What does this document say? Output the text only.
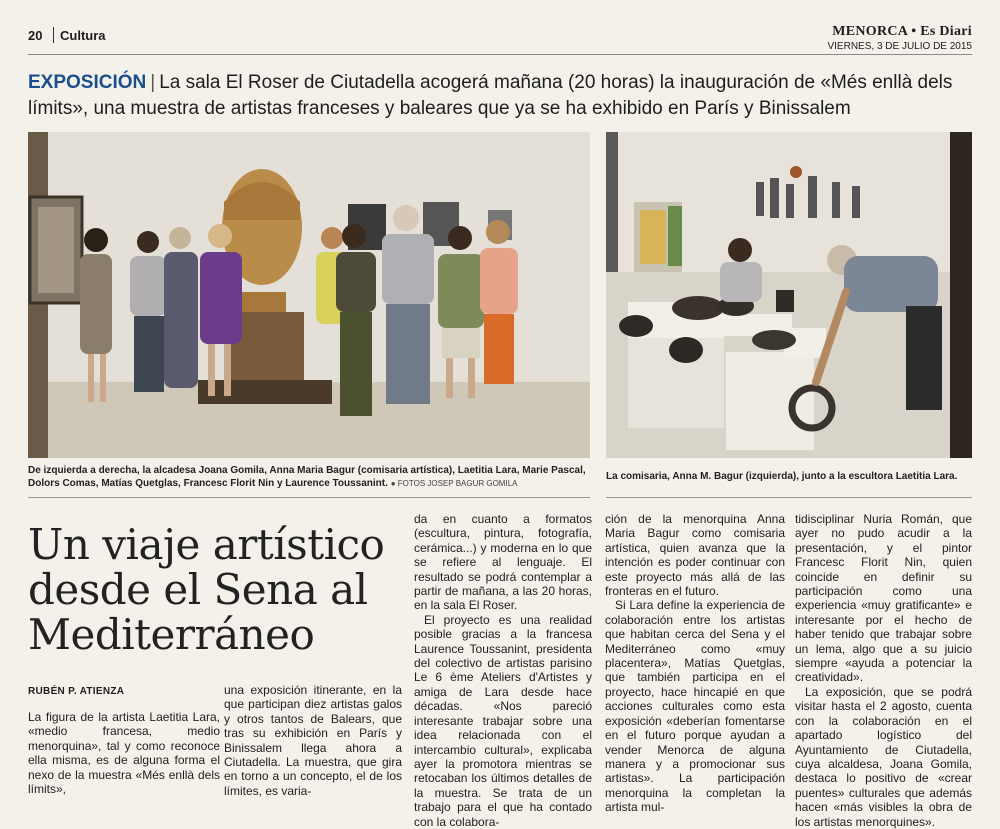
20 Cultura	MENORCA • Es Diari
VIERNES, 3 DE JULIO DE 2015
EXPOSICIÓN | La sala El Roser de Ciutadella acogerá mañana (20 horas) la inauguración de «Més enllà dels límits», una muestra de artistas franceses y baleares que ya se ha exhibido en París y Binissalem
De izquierda a derecha, la alcadesa Joana Gomila, Anna Maria Bagur (comisaria artística), Laetitia Lara, Marie Pascal, Dolors Comas, Matías Quetglas, Francesc Florit Nin y Laurence Toussanint. ● FOTOS JOSEP BAGUR GOMILA
La comisaria, Anna M. Bagur (izquierda), junto a la escultora Laetitia Lara.
Un viaje artístico desde el Sena al Mediterráneo
RUBÉN P. ATIENZA

La figura de la artista Laetitia Lara, «medio francesa, medio menorquina», tal y como reconoce ella misma, es de alguna forma el nexo de la muestra «Més enllà dels límits»,

una exposición itinerante, en la que participan diez artistas galos y otros tantos de Balears, que tras su exhibición en París y Binissalem llega ahora a Ciutadella. La muestra, que gira en torno a un concepto, el de los límites, es varia-

da en cuanto a formatos (escultura, pintura, fotografía, cerámica...) y moderna en lo que se refiere al lenguaje. El resultado se podrá contemplar a partir de mañana, a las 20 horas, en la sala El Roser.

El proyecto es una realidad posible gracias a la francesa Laurence Toussanint, presidenta del colectivo de artistas parisino Le 6 ème Ateliers d'Artistes y amiga de Lara desde hace décadas. «Nos pareció interesante trabajar sobre una idea relacionada con el intercambio cultural», explicaba ayer la promotora mientras se retocaban los últimos detalles de la muestra. Se trata de un trabajo para el que ha contado con la colabora-

ción de la menorquina Anna Maria Bagur como comisaria artística, quien avanza que la intención es poder continuar con este proyecto más allá de las fronteras en el futuro.

Si Lara define la experiencia de colaboración entre los artistas que habitan cerca del Sena y el Mediterráneo como «muy placentera», Matías Quetglas, que también participa en el proyecto, hace hincapié en que acciones culturales como esta exposición «deberían fomentarse en el futuro porque ayudan a vender Menorca de alguna manera y a promocionar sus artistas». La participación menorquina la completan la artista mul-

tidisciplinar Nuria Román, que ayer no pudo acudir a la presentación, y el pintor Francesc Florit Nin, quien coincide en definir su participación como una experiencia «muy gratificante» e interesante por el hecho de haber tenido que trabajar sobre un lema, algo que a su juicio siempre «ayuda a potenciar la creatividad».

La exposición, que se podrá visitar hasta el 2 agosto, cuenta con la colaboración en el apartado logístico del Ayuntamiento de Ciutadella, cuya alcaldesa, Joana Gomila, destaca lo positivo de «crear puentes» culturales que además hacen «más visibles la obra de los artistas menorquines».
